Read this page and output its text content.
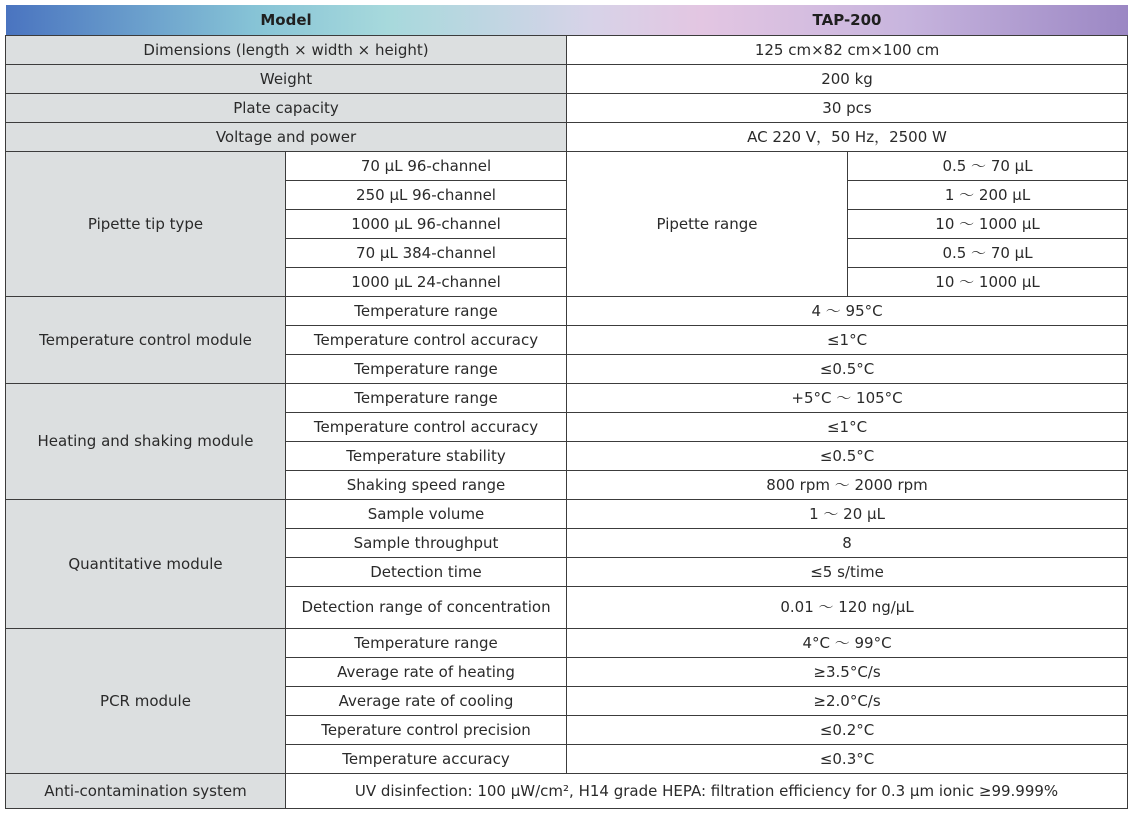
Model		TAP-200	
Dimensions (length × width × height)		125 cm×82 cm×100 cm	
Weight		200 kg	
Plate capacity		30 pcs	
Voltage and power		AC 220 V，50 Hz，2500 W	
Pipette tip type	70 μL 96-channel	Pipette range	0.5 ～ 70 μL
	250 μL 96-channel		1 ～ 200 μL
	1000 μL 96-channel		10 ～ 1000 μL
	70 μL 384-channel		0.5 ～ 70 μL
	1000 μL 24-channel		10 ～ 1000 μL
Temperature control module	Temperature range	4 ～ 95°C	
	Temperature control accuracy	≤1°C	
	Temperature range	≤0.5°C	
Heating and shaking module	Temperature range	+5°C ～ 105°C	
	Temperature control accuracy	≤1°C	
	Temperature stability	≤0.5°C	
	Shaking speed range	800 rpm ～ 2000 rpm	
Quantitative module	Sample volume	1 ～ 20 μL	
	Sample throughput	8	
	Detection time	≤5 s/time	
	Detection range of concentration	0.01 ～ 120 ng/μL	
PCR module	Temperature range	4°C ～ 99°C	
	Average rate of heating	≥3.5°C/s	
	Average rate of cooling	≥2.0°C/s	
	Teperature control precision	≤0.2°C	
	Temperature accuracy	≤0.3°C	
Anti-contamination system	UV disinfection: 100 μW/cm², H14 grade HEPA: filtration efficiency for 0.3 μm ionic ≥99.999%		
